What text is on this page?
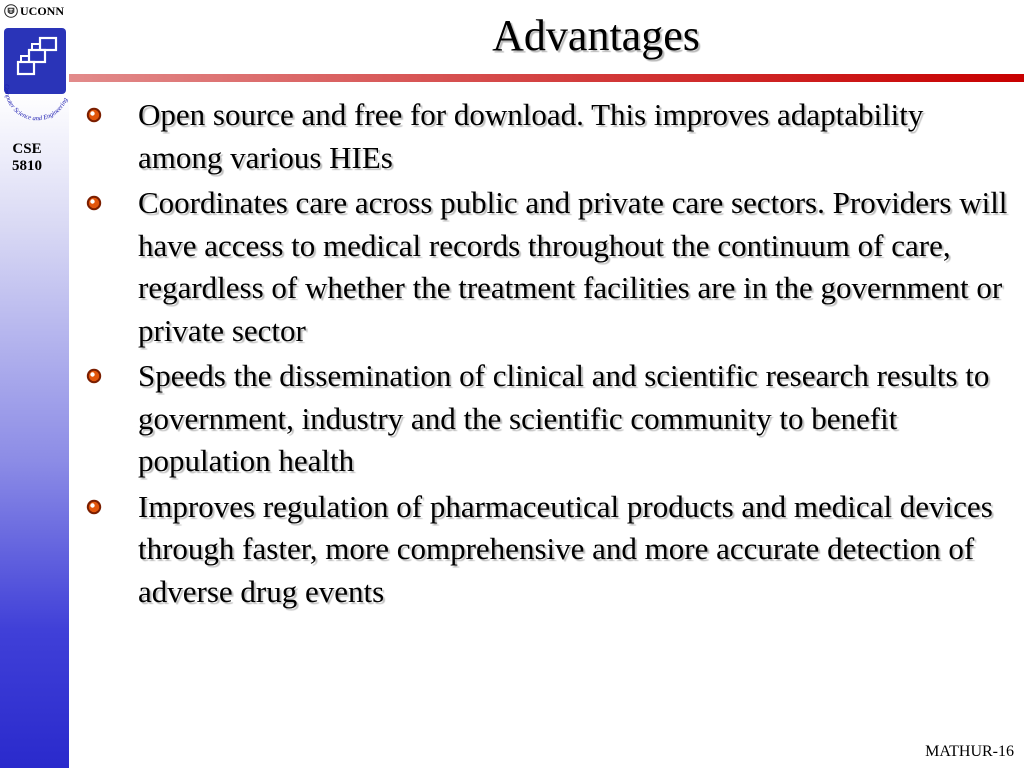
UCONN
Computer Science and Engineering
CSE
5810
Advantages
Open source and free for download. This improves adaptability among various HIEs
Coordinates care across public and private care sectors. Providers will have access to medical records throughout the continuum of care, regardless of whether the treatment facilities are in the government or private sector
Speeds the dissemination of clinical and scientific research results to government, industry and the scientific community to benefit population health
Improves regulation of pharmaceutical products and medical devices through faster, more comprehensive and more accurate detection of adverse drug events
MATHUR-16
